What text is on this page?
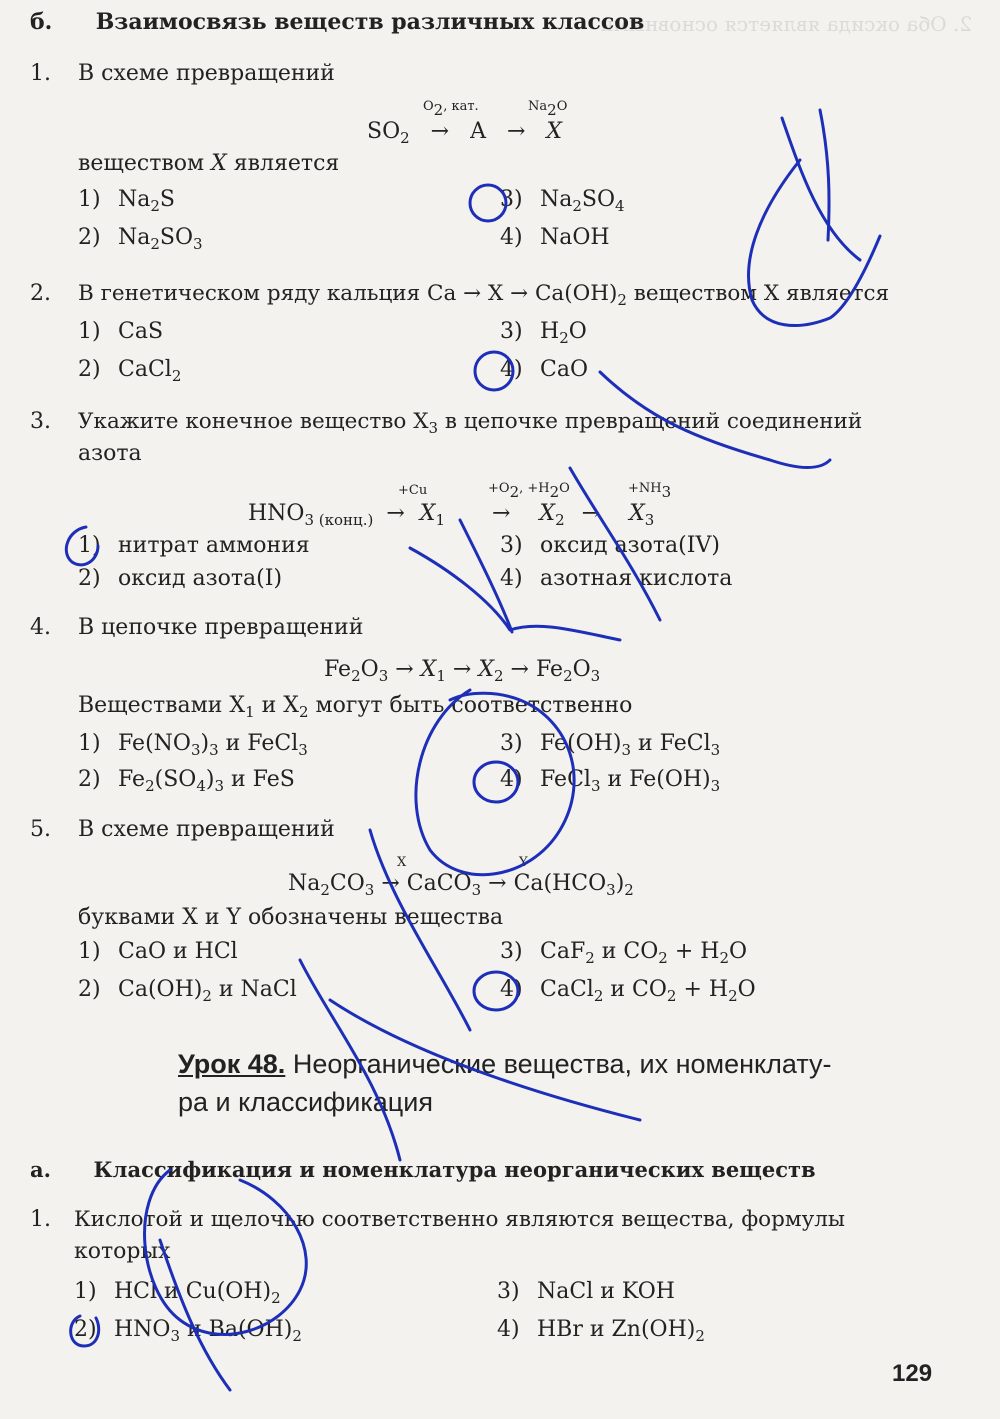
2. Оба оксида является основными
б. Взаимосвязь веществ различных классов
1. В схеме превращений
$O_2$, кат.	$Na_2O$
$SO_2 \to A \to X$
веществом X является
1) $Na_2S$
2) $Na_2SO_3$
3) $Na_2SO_4$
4) NaOH
2. В генетическом ряду кальция $Ca \to X \to Ca(OH)_2$ веществом X является
1) CaS
2) CaCl$_2$
3) $H_2O$
4) CaO
3. Укажите конечное вещество $X_3$ в цепочке превращений соединений
азота
+Cu	$+O_2$, $+H_2O$	$+NH_3$
$HNO_{3 (конц.)} \to X_1 \to X_2 \to X_3$
1) нитрат аммония
2) оксид азота(I)
3) оксид азота(IV)
4) азотная кислота
4. В цепочке превращений
$Fe_2O_3 \to X_1 \to X_2 \to Fe_2O_3$
Веществами $X_1$ и $X_2$ могут быть соответственно
1) $Fe(NO_3)_3$ и FeCl$_3$
2) $Fe_2(SO_4)_3$ и FeS
3) $Fe(OH)_3$ и FeCl$_3$
4) FeCl$_3$ и $Fe(OH)_3$
5. В схеме превращений
X	Y
$Na_2CO_3$ → CaCO$_3$ → $Ca(HCO_3)_2$
буквами X и Y обозначены вещества
1) CaO и HCl
2) $Ca(OH)_2$ и NaCl
3) CaF$_2$ и $CO_2 + H_2O$
4) CaCl$_2$ и $CO_2 + H_2O$
Урок 48. Неорганические вещества, их номенклату-
ра и классификация
а. Классификация и номенклатура неорганических веществ
1. Кислотой и щелочью соответственно являются вещества, формулы
которых
1) HCl и $Cu(OH)_2$
2) $HNO_3$ и $Ba(OH)_2$
3) NaCl и KOH
4) HBr и $Zn(OH)_2$
129
